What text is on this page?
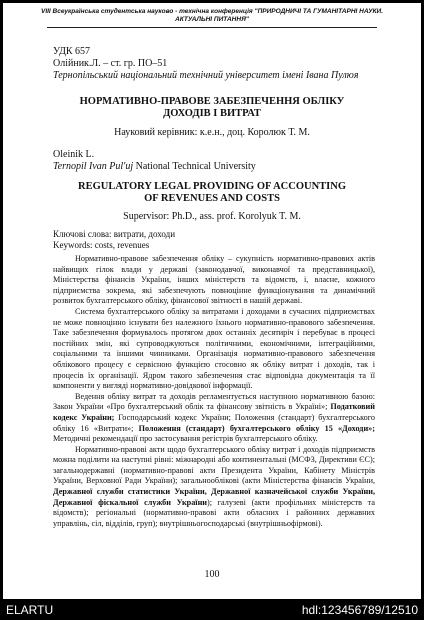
VIII Всеукраїнська студентська науково - технічна конференція "ПРИРОДНИЧІ ТА ГУМАНІТАРНІ НАУКИ.
АКТУАЛЬНІ ПИТАННЯ"
УДК 657
Олійник.Л. – ст. гр. ПО–51
Тернопільський національний технічний університет імені Івана Пулюя
НОРМАТИВНО-ПРАВОВЕ ЗАБЕЗПЕЧЕННЯ ОБЛІКУ
ДОХОДІВ І ВИТРАТ
Науковий керівник: к.е.н., доц. Королюк Т. М.
Oleinik L.
Ternopil Ivan Pul'uj National Technical University
REGULATORY LEGAL PROVIDING OF ACCOUNTING
OF REVENUES AND COSTS
Supervisor: Ph.D., ass. prof. Korolyuk T. M.
Ключові слова: витрати, доходи
Keywords: costs, revenues

Нормативно-правове забезпечення обліку – сукупність нормативно-правових актів найвищих гілок влади у державі (законодавчої, виконавчої та представницької), Міністерства фінансів України, інших міністерств та відомств, і, власне, кожного підприємства зокрема, які забезпечують повноцінне функціонування та динамічний розвиток бухгалтерського обліку, фінансової звітності в нашій державі.

Система бухгалтерського обліку за витратами і доходами в сучасних підприємствах не може повноцінно існувати без належного їхнього нормативно-правового забезпечення. Таке забезпечення формувалось протягом двох останніх десятиріч і перебуває в процесі постійних змін, які супроводжуються політичними, економічними, інтеграційними, соціальними та іншими чинниками. Організація нормативно-правового забезпечення облікового процесу є сервісною функцією стосовно як обліку витрат і доходів, так і процесів їх організації. Ядром такого забезпечення стає відповідна документація та її компоненти у вигляді нормативно-довідкової інформації.

Ведення обліку витрат та доходів регламентується наступною нормативною базою: Закон України «Про бухгалтерський облік та фінансову звітність в Україні»; Податковий кодекс України; Господарський кодекс України; Положення (стандарт) бухгалтерського обліку 16 «Витрати»; Положення (стандарт) бухгалтерського обліку 15 «Доходи»; Методичні рекомендації про застосування регістрів бухгалтерського обліку.

Нормативно-правові акти щодо бухгалтерського обліку витрат і доходів підприємств можна поділити на наступні рівні: міжнародні або континентальні (МСФЗ, Директиви ЄС); загальнодержавні (нормативно-правові акти Президента України, Кабінету Міністрів України, Верховної Ради України); загальнообліковi (акти Міністерства фінансів України, Державної служби статистики України, Державної казначейської служби України, Державної фіскальної служби України); галузеві (акти профільних міністерств та відомств); регіональні (нормативно-правові акти обласних і районних державних управлінь, сіл, відділів, груп); внутрішньогосподарські (внутрішньофірмові).

100
ELARTU	hdl:123456789/12510
